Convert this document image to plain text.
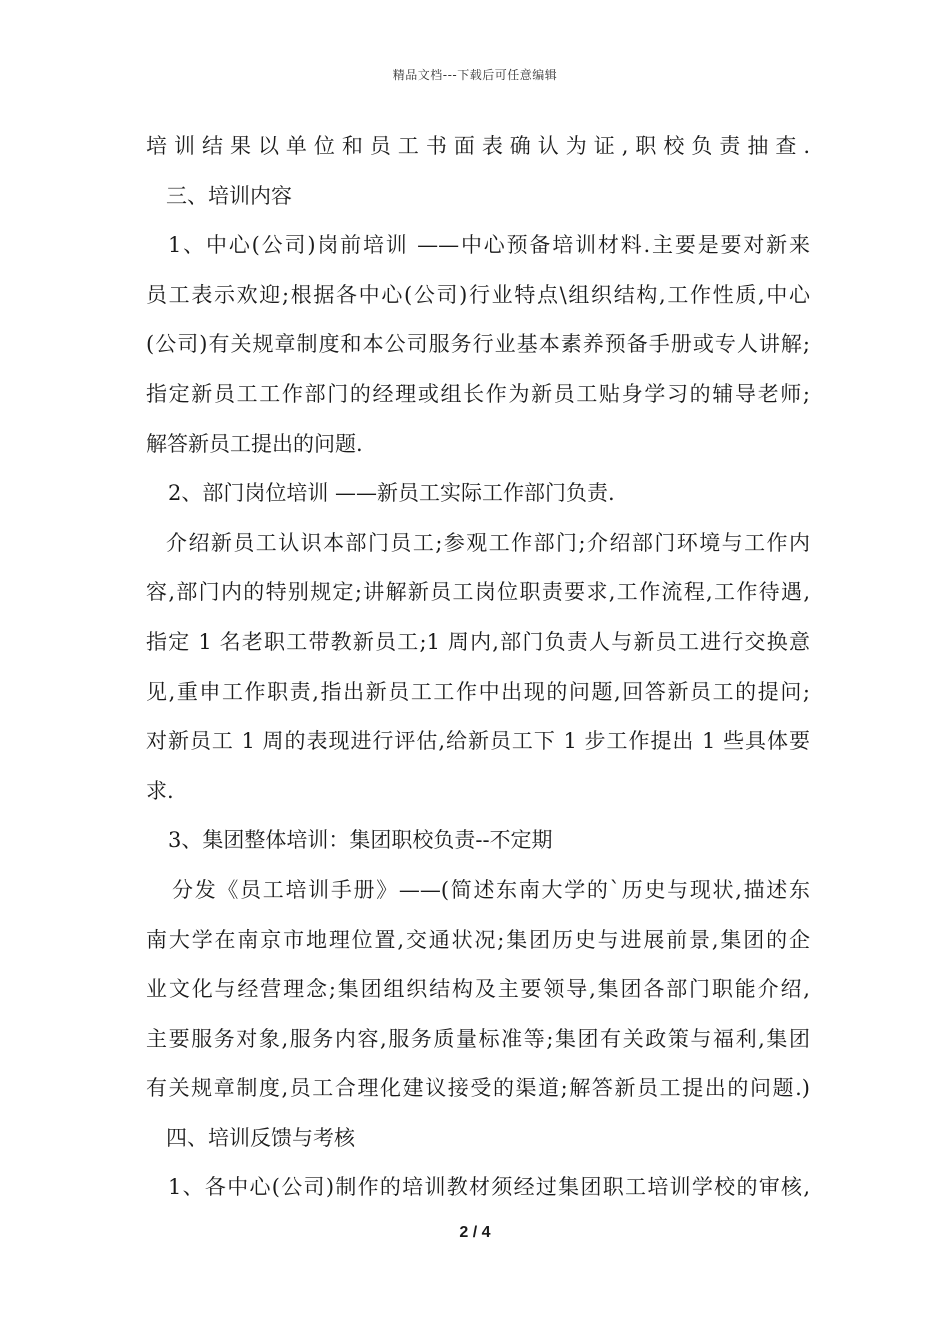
精品文档---下载后可任意编辑
培训结果以单位和员工书面表确认为证,职校负责抽查.
三、培训内容
1、中心(公司)岗前培训 ——中心预备培训材料.主要是要对新来
员工表示欢迎;根据各中心(公司)行业特点\组织结构,工作性质,中心
(公司)有关规章制度和本公司服务行业基本素养预备手册或专人讲解;
指定新员工工作部门的经理或组长作为新员工贴身学习的辅导老师;
解答新员工提出的问题.
2、部门岗位培训 ——新员工实际工作部门负责.
介绍新员工认识本部门员工;参观工作部门;介绍部门环境与工作内
容,部门内的特别规定;讲解新员工岗位职责要求,工作流程,工作待遇,
指定 1 名老职工带教新员工;1 周内,部门负责人与新员工进行交换意
见,重申工作职责,指出新员工工作中出现的问题,回答新员工的提问;
对新员工 1 周的表现进行评估,给新员工下 1 步工作提出 1 些具体要
求.
3、集团整体培训：集团职校负责--不定期
分发《员工培训手册》——(简述东南大学的`历史与现状,描述东
南大学在南京市地理位置,交通状况;集团历史与进展前景,集团的企
业文化与经营理念;集团组织结构及主要领导,集团各部门职能介绍,
主要服务对象,服务内容,服务质量标准等;集团有关政策与福利,集团
有关规章制度,员工合理化建议接受的渠道;解答新员工提出的问题.)
四、培训反馈与考核
1、各中心(公司)制作的培训教材须经过集团职工培训学校的审核,
2 / 4
